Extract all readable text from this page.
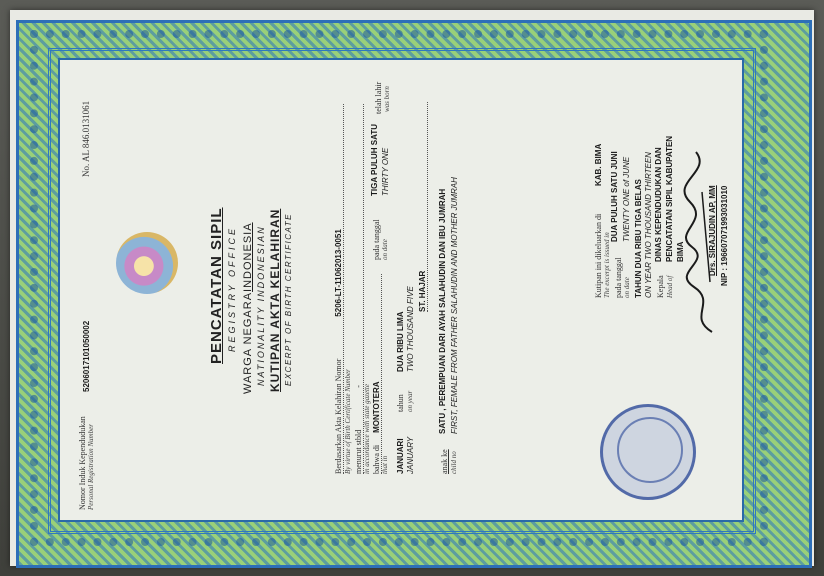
Nomor Induk Kependudukan Personal Registration Number
5206017101050002
No. AL 846.0131061
PENCATATAN SIPIL REGISTRY OFFICE WARGA NEGARAINDONESIA NATIONALITY INDONESIAN KUTIPAN AKTA KELAHIRAN EXCERPT OF BIRTH CERTIFICATE
Berdasarkan Akta Kelahiran Nomor 5206-LT-11062013-0051
By virtue of Birth Certificate Number menurut stbld - in accordance with state gazette bahwa di MONTOTERA
that in
pada tanggal on date
TIGA PULUH SATU THIRTY ONE
telah lahir was born
JANUARI JANUARY
tahun on year
DUA RIBU LIMA TWO THOUSAND FIVE ST. HAJAR
anak ke child no
SATU , PEREMPUAN DARI AYAH SALAHUDIN DAN IBU JUMRAH FIRST, FEMALE FROM FATHER SALAHUDIN AND MOTHER JUMRAH	Kutipan ini dikeluarkan di
KAB. BIMA
The excerpt is issued in pada tanggal on date
DUA PULUH SATU JUNI TWENTY ONE of JUNE TAHUN DUA RIBU TIGA BELAS ON YEAR TWO THOUSAND THIRTEEN Kepala
DINAS KEPENDUDUKAN DAN
Head of
PENCATATAN SIPIL KABUPATEN BIMA	Drs. SIRAJUDIN AP, MM NIP : 196607071993031010
